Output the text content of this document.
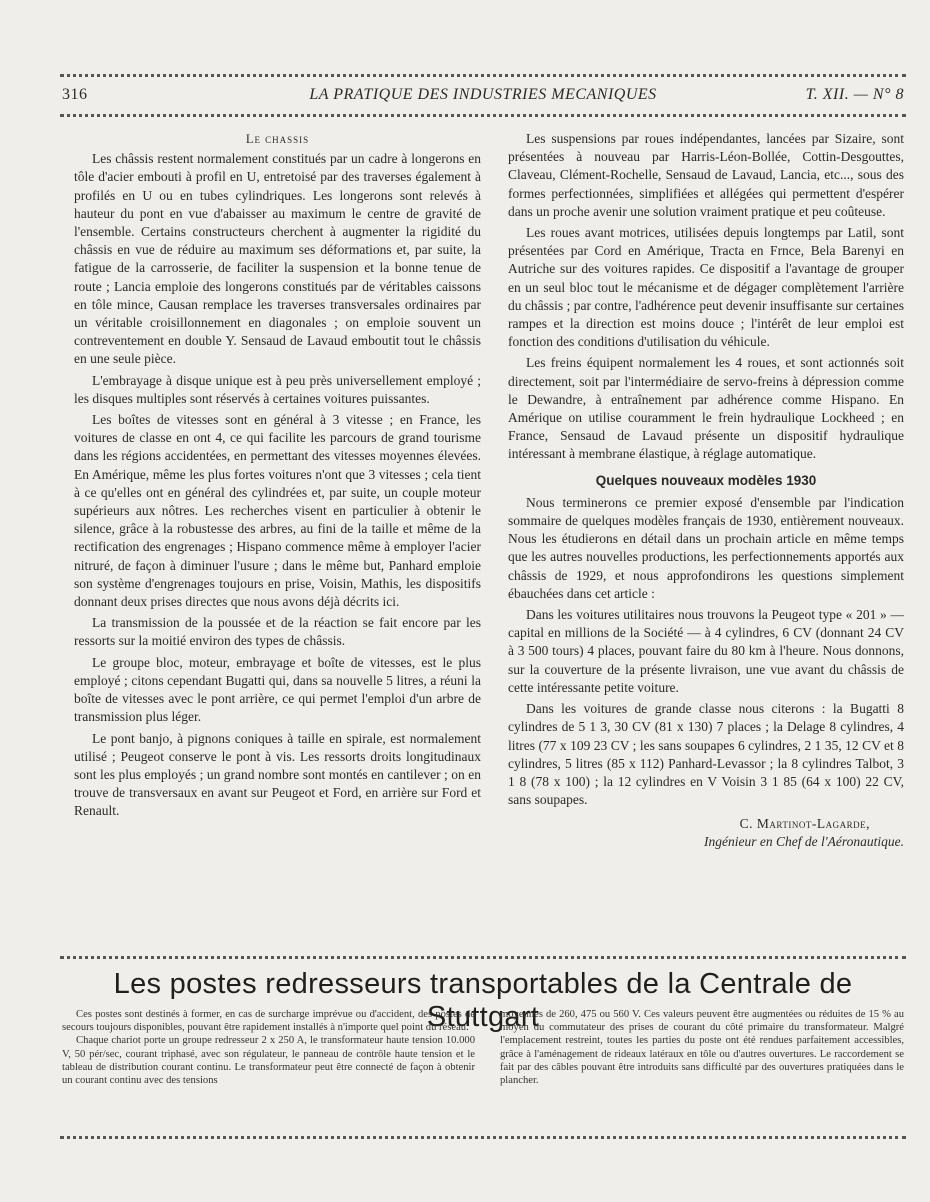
316	LA PRATIQUE DES INDUSTRIES MECANIQUES	T. XII. — N° 8
Le chassis

Les châssis restent normalement constitués par un cadre à longerons en tôle d'acier embouti à profil en U, entretoisé par des traverses également à profilés en U ou en tubes cylindriques. Les longerons sont relevés à hauteur du pont en vue d'abaisser au maximum le centre de gravité de l'ensemble. Certains constructeurs cherchent à augmenter la rigidité du châssis en vue de réduire au maximum ses déformations et, par suite, la fatigue de la carrosserie, de faciliter la suspension et la bonne tenue de route ; Lancia emploie des longerons constitués par de véritables caissons en tôle mince, Causan remplace les traverses transversales ordinaires par un véritable croisillonnement en diagonales ; on emploie souvent un contreventement en double Y. Sensaud de Lavaud emboutit tout le châssis en une seule pièce.

L'embrayage à disque unique est à peu près universellement employé ; les disques multiples sont réservés à certaines voitures puissantes.

Les boîtes de vitesses sont en général à 3 vitesse ; en France, les voitures de classe en ont 4, ce qui facilite les parcours de grand tourisme dans les régions accidentées, en permettant des vitesses moyennes élevées. En Amérique, même les plus fortes voitures n'ont que 3 vitesses ; cela tient à ce qu'elles ont en général des cylindrées et, par suite, un couple moteur supérieurs aux nôtres. Les recherches visent en particulier à obtenir le silence, grâce à la robustesse des arbres, au fini de la taille et même de la rectification des engrenages ; Hispano commence même à employer l'acier nitruré, de façon à diminuer l'usure ; dans le même but, Panhard emploie son système d'engrenages toujours en prise, Voisin, Mathis, les dispositifs donnant deux prises directes que nous avons déjà décrits ici.

La transmission de la poussée et de la réaction se fait encore par les ressorts sur la moitié environ des types de châssis.

Le groupe bloc, moteur, embrayage et boîte de vitesses, est le plus employé ; citons cependant Bugatti qui, dans sa nouvelle 5 litres, a réuni la boîte de vitesses avec le pont arrière, ce qui permet l'emploi d'un arbre de transmission plus léger.

Le pont banjo, à pignons coniques à taille en spirale, est normalement utilisé ; Peugeot conserve le pont à vis. Les ressorts droits longitudinaux sont les plus employés ; un grand nombre sont montés en cantilever ; on en trouve de transversaux en avant sur Peugeot et Ford, en arrière sur Ford et Renault.

Les suspensions par roues indépendantes, lancées par Sizaire, sont présentées à nouveau par Harris-Léon-Bollée, Cottin-Desgouttes, Claveau, Clément-Rochelle, Sensaud de Lavaud, Lancia, etc..., sous des formes perfectionnées, simplifiées et allégées qui permettent d'espérer dans un proche avenir une solution vraiment pratique et peu coûteuse.

Les roues avant motrices, utilisées depuis longtemps par Latil, sont présentées par Cord en Amérique, Tracta en Frnce, Bela Barenyi en Autriche sur des voitures rapides. Ce dispositif a l'avantage de grouper en un seul bloc tout le mécanisme et de dégager complètement l'arrière du châssis ; par contre, l'adhérence peut devenir insuffisante sur certaines rampes et la direction est moins douce ; l'intérêt de leur emploi est fonction des conditions d'utilisation du véhicule.

Les freins équipent normalement les 4 roues, et sont actionnés soit directement, soit par l'intermédiaire de servo-freins à dépression comme le Dewandre, à entraînement par adhérence comme Hispano. En Amérique on utilise couramment le frein hydraulique Lockheed ; en France, Sensaud de Lavaud présente un dispositif hydraulique intéressant à membrane élastique, à réglage automatique.

Quelques nouveaux modèles 1930

Nous terminerons ce premier exposé d'ensemble par l'indication sommaire de quelques modèles français de 1930, entièrement nouveaux. Nous les étudierons en détail dans un prochain article en même temps que les autres nouvelles productions, les perfectionnements apportés aux châssis de 1929, et nous approfondirons les questions simplement ébauchées dans cet article :

Dans les voitures utilitaires nous trouvons la Peugeot type « 201 » — capital en millions de la Société — à 4 cylindres, 6 CV (donnant 24 CV à 3 500 tours) 4 places, pouvant faire du 80 km à l'heure. Nous donnons, sur la couverture de la présente livraison, une vue avant du châssis de cette intéressante petite voiture.

Dans les voitures de grande classe nous citerons : la Bugatti 8 cylindres de 5 1 3, 30 CV (81 x 130) 7 places ; la Delage 8 cylindres, 4 litres (77 x 109 23 CV ; les sans soupapes 6 cylindres, 2 1 35, 12 CV et 8 cylindres, 5 litres (85 x 112) Panhard-Levassor ; la 8 cylindres Talbot, 3 1 8 (78 x 100) ; la 12 cylindres en V Voisin 3 1 85 (64 x 100) 22 CV, sans soupapes.

C. Martinot-Lagarde,
Ingénieur en Chef de l'Aéronautique.
Les postes redresseurs transportables de la Centrale de Stuttgart

Ces postes sont destinés à former, en cas de surcharge imprévue ou d'accident, des postes de secours toujours disponibles, pouvant être rapidement installés à n'importe quel point du réseau.

Chaque chariot porte un groupe redresseur 2 x 250 A, le transformateur haute tension 10.000 V, 50 pér/sec, courant triphasé, avec son régulateur, le panneau de contrôle haute tension et le tableau de distribution courant continu. Le transformateur peut être connecté de façon à obtenir un courant continu avec des tensions

moyennes de 260, 475 ou 560 V. Ces valeurs peuvent être augmentées ou réduites de 15 % au moyen du commutateur des prises de courant du côté primaire du transformateur. Malgré l'emplacement restreint, toutes les parties du poste ont été rendues parfaitement accessibles, grâce à l'aménagement de rideaux latéraux en tôle ou d'autres ouvertures. Le raccordement se fait par des câbles pouvant être introduits sans difficulté par des ouvertures pratiquées dans le plancher.
